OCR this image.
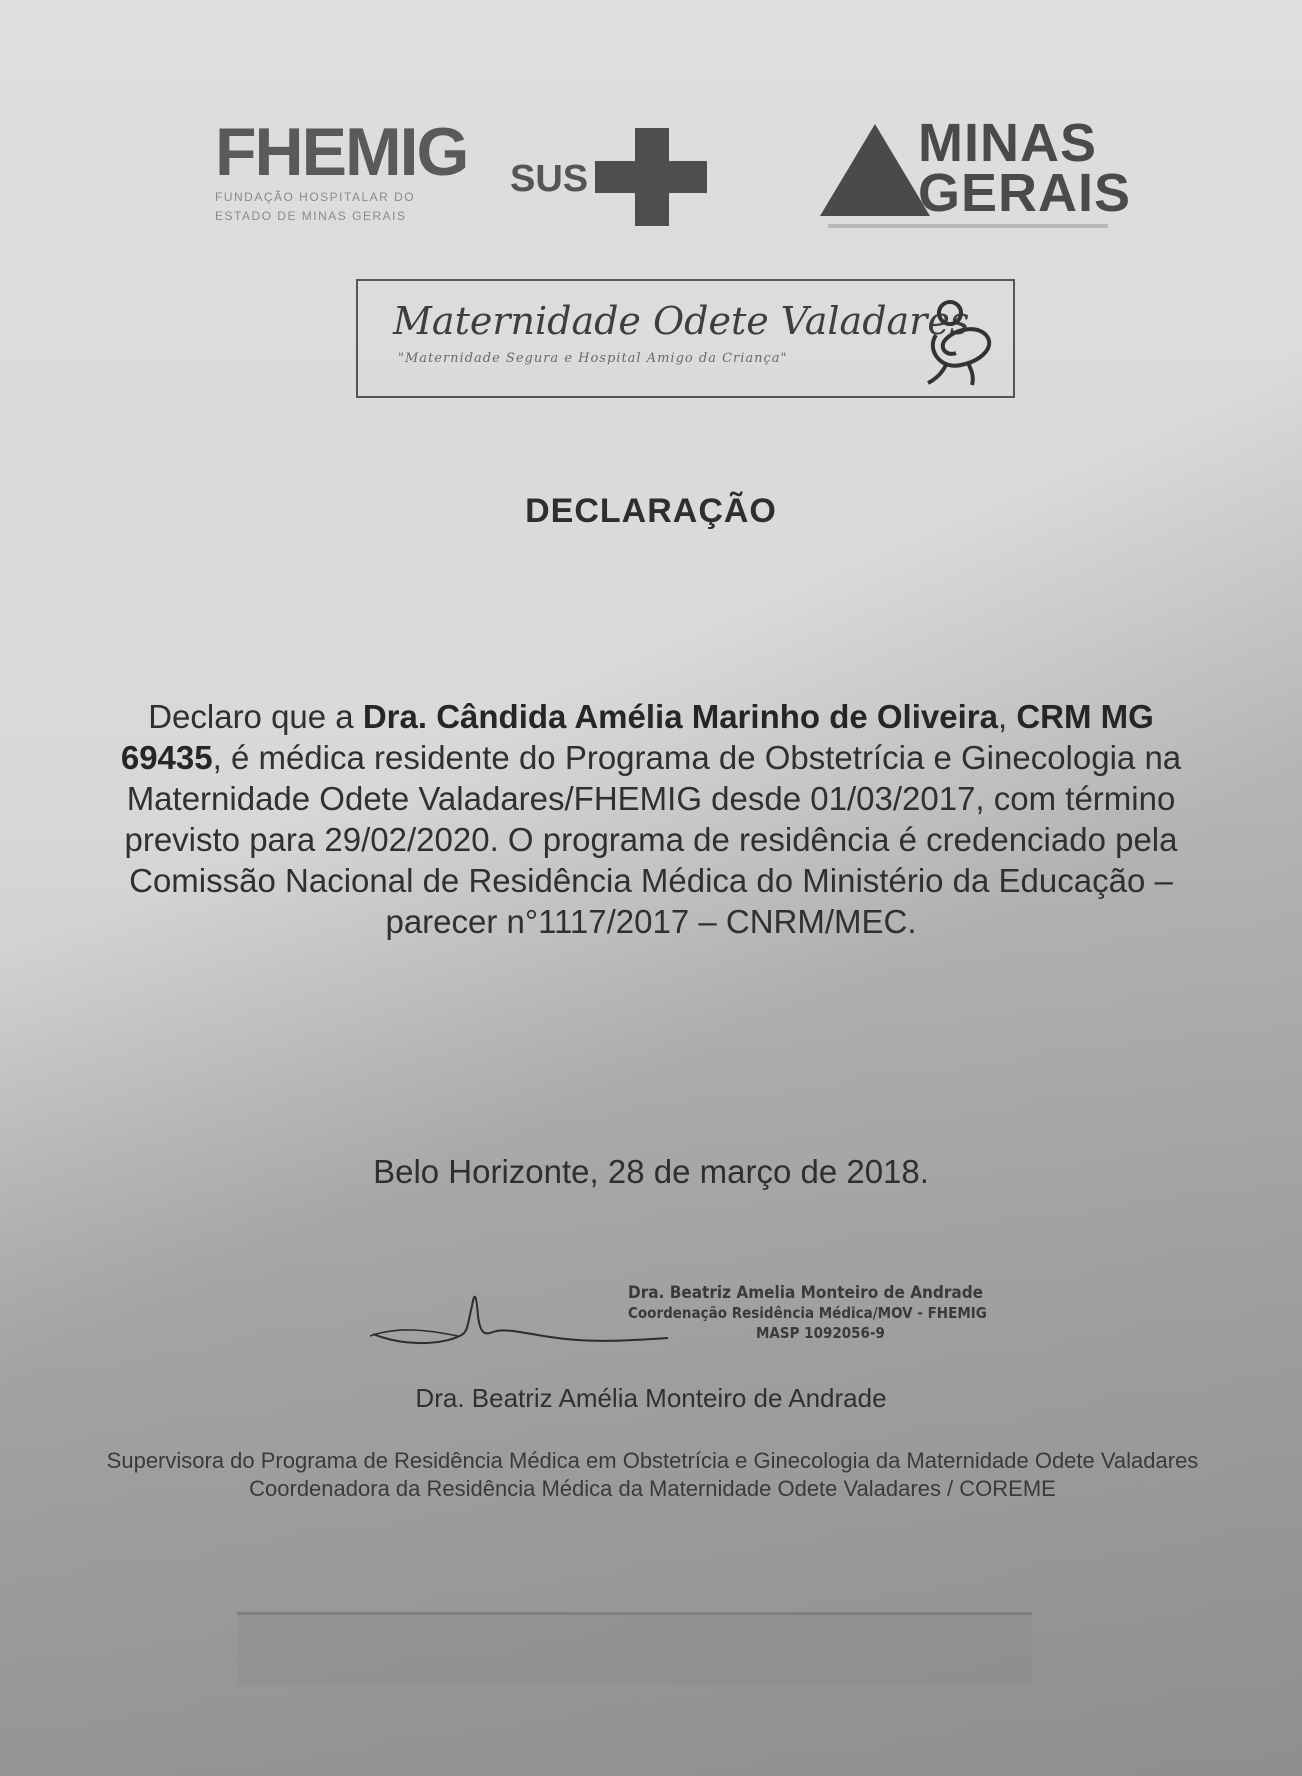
FHEMIG
FUNDAÇÃO HOSPITALAR DO
ESTADO DE MINAS GERAIS
SUS
MINAS
GERAIS
Maternidade Odete Valadares
"Maternidade Segura e Hospital Amigo da Criança"
DECLARAÇÃO
Declaro que a Dra. Cândida Amélia Marinho de Oliveira, CRM MG 69435, é médica residente do Programa de Obstetrícia e Ginecologia na Maternidade Odete Valadares/FHEMIG desde 01/03/2017, com término previsto para 29/02/2020. O programa de residência é credenciado pela Comissão Nacional de Residência Médica do Ministério da Educação – parecer n°1117/2017 – CNRM/MEC.
Belo Horizonte, 28 de março de 2018.
Dra. Beatriz Amelia Monteiro de Andrade
Coordenação Residência Médica/MOV - FHEMIG
MASP 1092056-9
Dra. Beatriz Amélia Monteiro de Andrade
Supervisora do Programa de Residência Médica em Obstetrícia e Ginecologia da Maternidade Odete Valadares
Coordenadora da Residência Médica da Maternidade Odete Valadares / COREME
